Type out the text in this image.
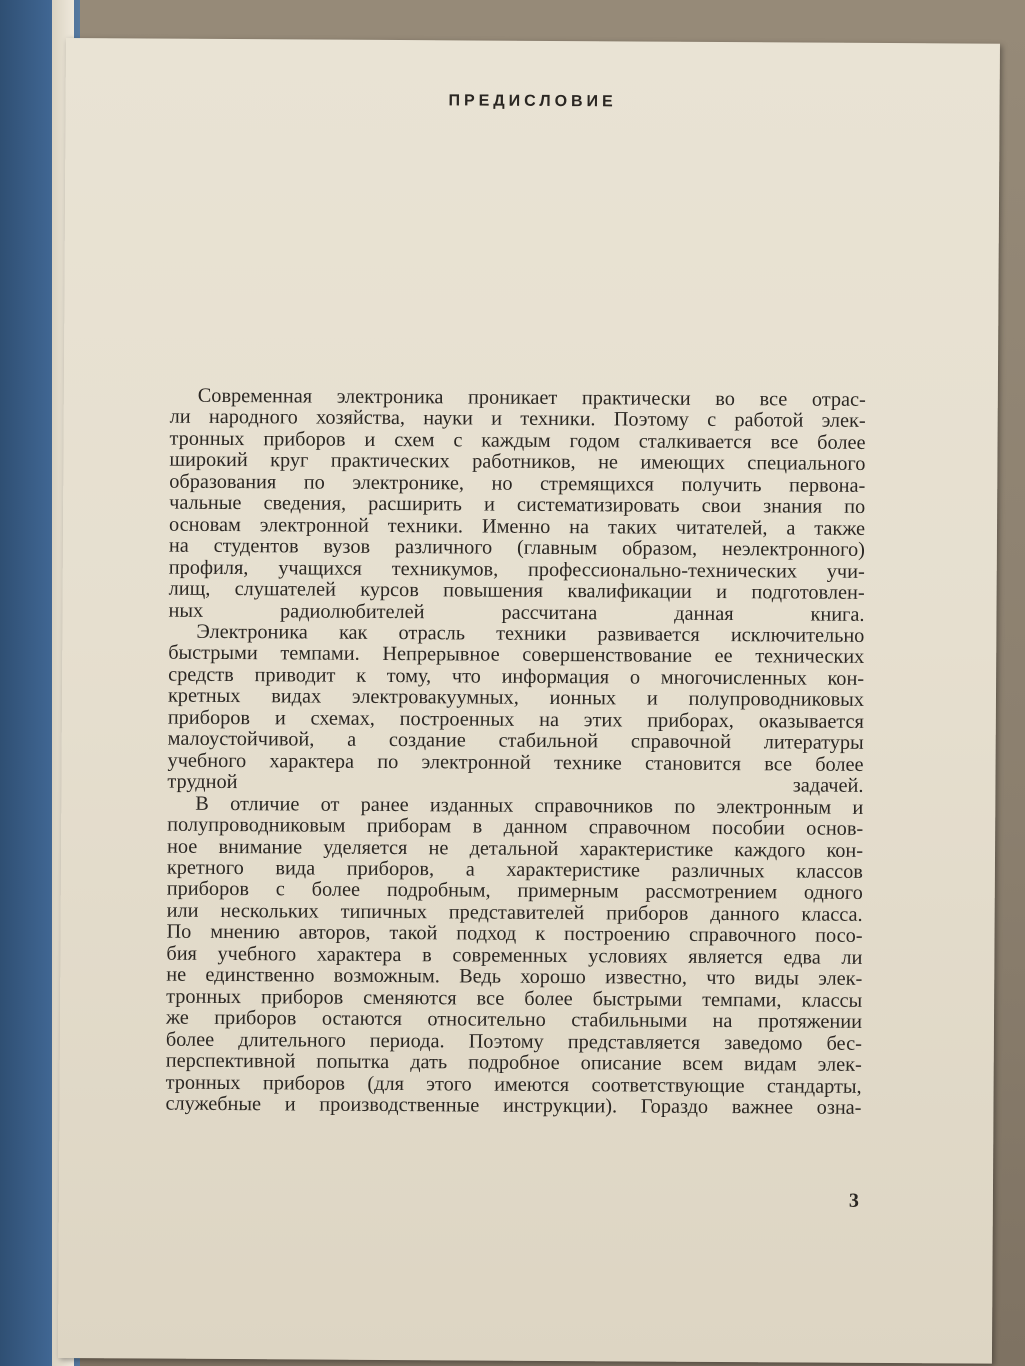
ПРЕДИСЛОВИЕ

Современная электроника проникает практически во все отрас-
ли народного хозяйства, науки и техники. Поэтому с работой элек-
тронных приборов и схем с каждым годом сталкивается все более
широкий круг практических работников, не имеющих специального
образования по электронике, но стремящихся получить первона-
чальные сведения, расширить и систематизировать свои знания по
основам электронной техники. Именно на таких читателей, а также
на студентов вузов различного (главным образом, неэлектронного)
профиля, учащихся техникумов, профессионально-технических учи-
лищ, слушателей курсов повышения квалификации и подготовлен-
ных радиолюбителей рассчитана данная книга.

Электроника как отрасль техники развивается исключительно
быстрыми темпами. Непрерывное совершенствование ее технических
средств приводит к тому, что информация о многочисленных кон-
кретных видах электровакуумных, ионных и полупроводниковых
приборов и схемах, построенных на этих приборах, оказывается
малоустойчивой, а создание стабильной справочной литературы
учебного характера по электронной технике становится все более
трудной задачей.

В отличие от ранее изданных справочников по электронным и
полупроводниковым приборам в данном справочном пособии основ-
ное внимание уделяется не детальной характеристике каждого кон-
кретного вида приборов, а характеристике различных классов
приборов с более подробным, примерным рассмотрением одного
или нескольких типичных представителей приборов данного класса.
По мнению авторов, такой подход к построению справочного посо-
бия учебного характера в современных условиях является едва ли
не единственно возможным. Ведь хорошо известно, что виды элек-
тронных приборов сменяются все более быстрыми темпами, классы
же приборов остаются относительно стабильными на протяжении
более длительного периода. Поэтому представляется заведомо бес-
перспективной попытка дать подробное описание всем видам элек-
тронных приборов (для этого имеются соответствующие стандарты,
служебные и производственные инструкции). Гораздо важнее озна-

3
